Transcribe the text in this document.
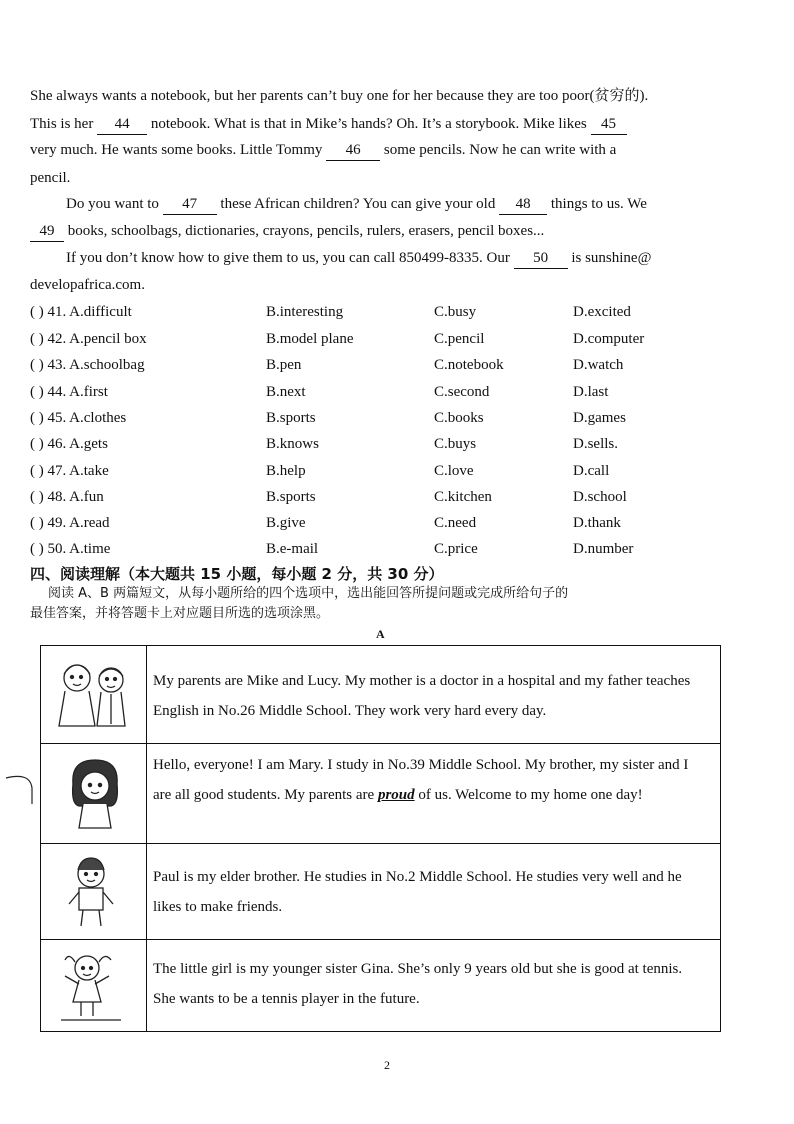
She always wants a notebook, but her parents can’t buy one for her because they are too poor(贫穷的).
This is her 44 notebook. What is that in Mike’s hands? Oh. It’s a storybook. Mike likes 45
very much. He wants some books. Little Tommy 46 some pencils. Now he can write with a
pencil.
Do you want to 47 these African children? You can give your old 48 things to us. We
49 books, schoolbags, dictionaries, crayons, pencils, rulers, erasers, pencil boxes...
If you don’t know how to give them to us, you can call 850499-8335. Our 50 is sunshine@
developafrica.com.
( ) 41. A.difficult	B.interesting	C.busy	D.excited
( ) 42. A.pencil box	B.model plane	C.pencil	D.computer
( ) 43. A.schoolbag	B.pen	C.notebook	D.watch
( ) 44. A.first	B.next	C.second	D.last
( ) 45. A.clothes	B.sports	C.books	D.games
( ) 46. A.gets	B.knows	C.buys	D.sells.
( ) 47. A.take	B.help	C.love	D.call
( ) 48. A.fun	B.sports	C.kitchen	D.school
( ) 49. A.read	B.give	C.need	D.thank
( ) 50. A.time	B.e-mail	C.price	D.number
四、阅读理解（本大题共 15 小题，每小题 2 分，共 30 分）
阅读 A、B 两篇短文，从每小题所给的四个选项中，选出能回答所提问题或完成所给句子的
最佳答案，并将答题卡上对应题目所选的选项涂黑。
A
My parents are Mike and Lucy. My mother is a doctor in a hospital and my father teaches English in No.26 Middle School. They work very hard every day.
Hello, everyone! I am Mary. I study in No.39 Middle School. My brother, my sister and I are all good students. My parents are proud of us. Welcome to my home one day!
Paul is my elder brother. He studies in No.2 Middle School. He studies very well and he likes to make friends.
The little girl is my younger sister Gina. She’s only 9 years old but she is good at tennis. She wants to be a tennis player in the future.
2
